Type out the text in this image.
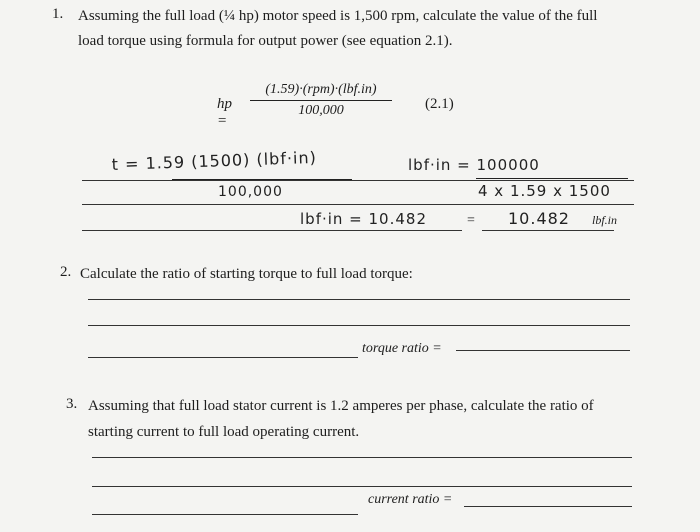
1. Assuming the full load (¼ hp) motor speed is 1,500 rpm, calculate the value of the full
load torque using formula for output power (see equation 2.1).
hp =
(1.59)·(rpm)·(lbf.in)
100,000	(2.1)
t = 1.59 (1500) (lbf·in)
100,000
lbf·in = 100000
4 x 1.59 x 1500
lbf·in = 10.482	= 10.482 lbf.in
2. Calculate the ratio of starting torque to full load torque:
torque ratio =
3. Assuming that full load stator current is 1.2 amperes per phase, calculate the ratio of
starting current to full load operating current.
current ratio =
